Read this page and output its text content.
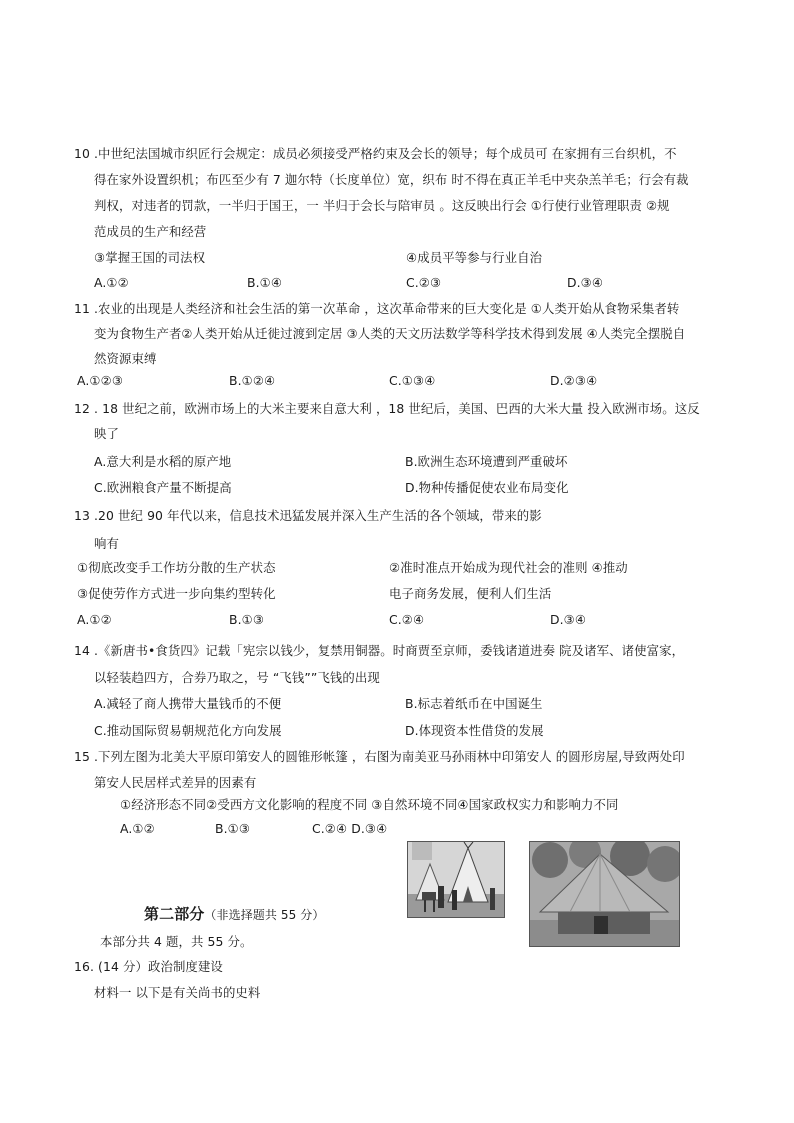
10 .中世纪法国城市织匠行会规定：成员必须接受严格约束及会长的领导；每个成员可 在家拥有三台织机，不
得在家外设置织机；布匹至少有 7 迦尔特（长度单位）宽，织布 时不得在真正羊毛中夹杂羔羊毛；行会有裁
判权，对违者的罚款，一半归于国王，一 半归于会长与陪审员 。这反映出行会 ①行使行业管理职责 ②规
范成员的生产和经营
③掌握王国的司法权	④成员平等参与行业自治
A.①②	B.①④	C.②③	D.③④
11 .农业的出现是人类经济和社会生活的第一次革命 ，这次革命带来的巨大变化是 ①人类开始从食物采集者转
变为食物生产者②人类开始从迁徙过渡到定居 ③人类的天文历法数学等科学技术得到发展 ④人类完全摆脱自
然资源束缚
A.①②③	B.①②④	C.①③④	D.②③④
12 . 18 世纪之前，欧洲市场上的大米主要来自意大利 ，18 世纪后，美国、巴西的大米大量 投入欧洲市场。这反
映了
A.意大利是水稻的原产地	B.欧洲生态环境遭到严重破坏
C.欧洲粮食产量不断提高	D.物种传播促使农业布局变化
13 .20 世纪 90 年代以来，信息技术迅猛发展并深入生产生活的各个领域，带来的影
响有
①彻底改变手工作坊分散的生产状态	②准时准点开始成为现代社会的准则 ④推动
③促使劳作方式进一步向集约型转化	电子商务发展，便利人们生活
A.①②	B.①③	C.②④	D.③④
14 .《新唐书•食货四》记载「宪宗以钱少，复禁用铜器。时商贾至京师，委钱诸道进奏 院及诸军、诸使富家，
以轻装趋四方，合券乃取之，号 “飞钱””飞钱的出现
A.减轻了商人携带大量钱币的不便	B.标志着纸币在中国诞生
C.推动国际贸易朝规范化方向发展	D.体现资本性借贷的发展
15 .下列左图为北美大平原印第安人的圆锥形帐篷 ，右图为南美亚马孙雨林中印第安人 的圆形房屋,导致两处印
第安人民居样式差异的因素有
①经济形态不同②受西方文化影响的程度不同 ③自然环境不同④国家政权实力和影响力不同
A.①②	B.①③	C.②④ D.③④
第二部分（非选择题共 55 分）
本部分共 4 题，共 55 分。
16. (14 分）政治制度建设
材料一 以下是有关尚书的史料
